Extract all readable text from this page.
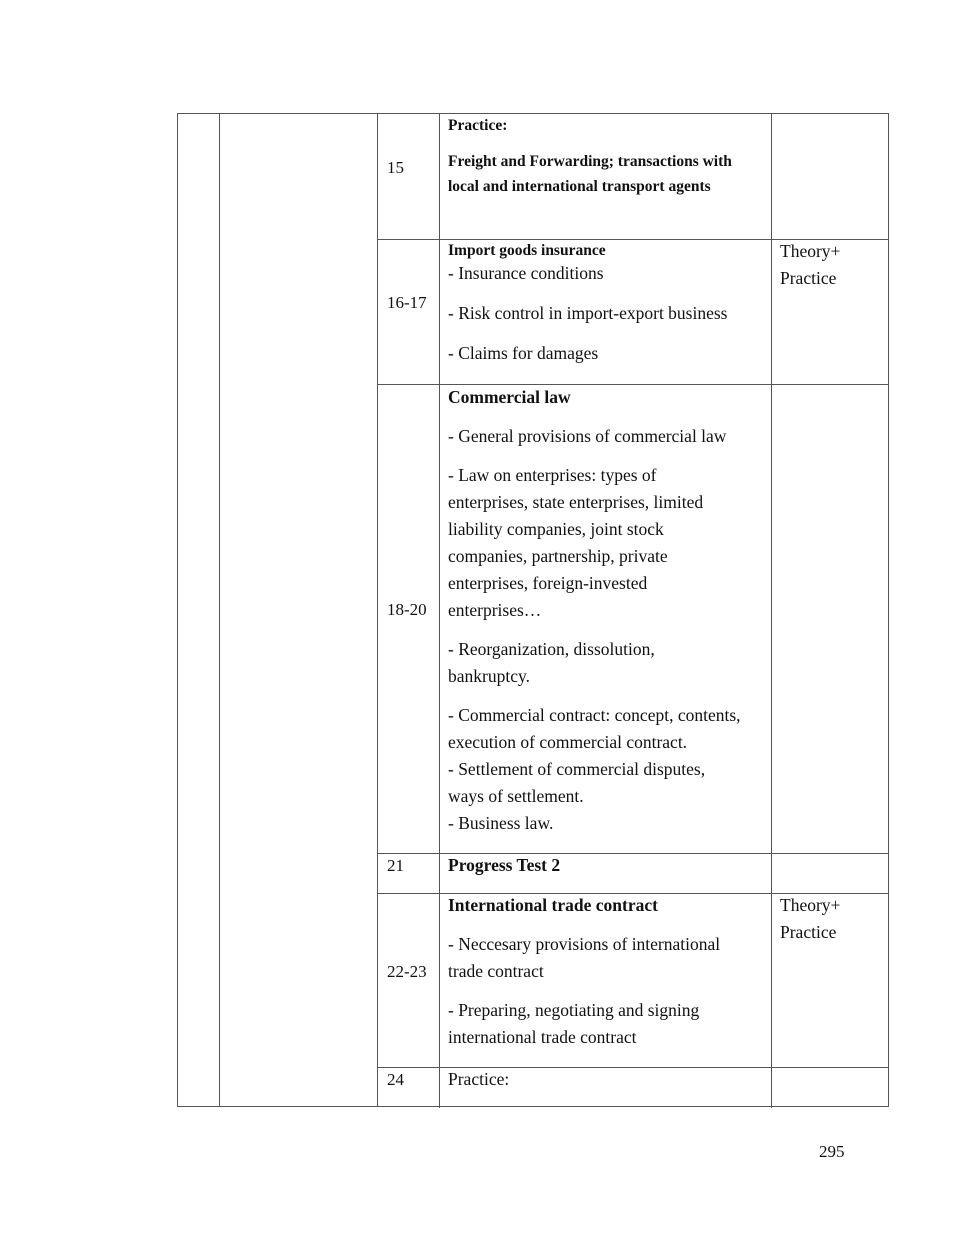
15

Practice:

Freight and Forwarding; transactions with local and international transport agents

16-17

Import goods insurance

- Insurance conditions

- Risk control in import-export business

- Claims for damages

Theory+

Practice

18-20

Commercial law

- General provisions of commercial law

- Law on enterprises: types of enterprises, state enterprises, limited liability companies, joint stock companies, partnership, private enterprises, foreign-invested enterprises…

- Reorganization, dissolution, bankruptcy.

- Commercial contract: concept, contents, execution of commercial contract.

- Settlement of commercial disputes, ways of settlement.

- Business law.

21	Progress Test 2

22-23

International trade contract

- Neccesary provisions of international trade contract

- Preparing, negotiating and signing international trade contract

Theory+

Practice

24	Practice:

295
